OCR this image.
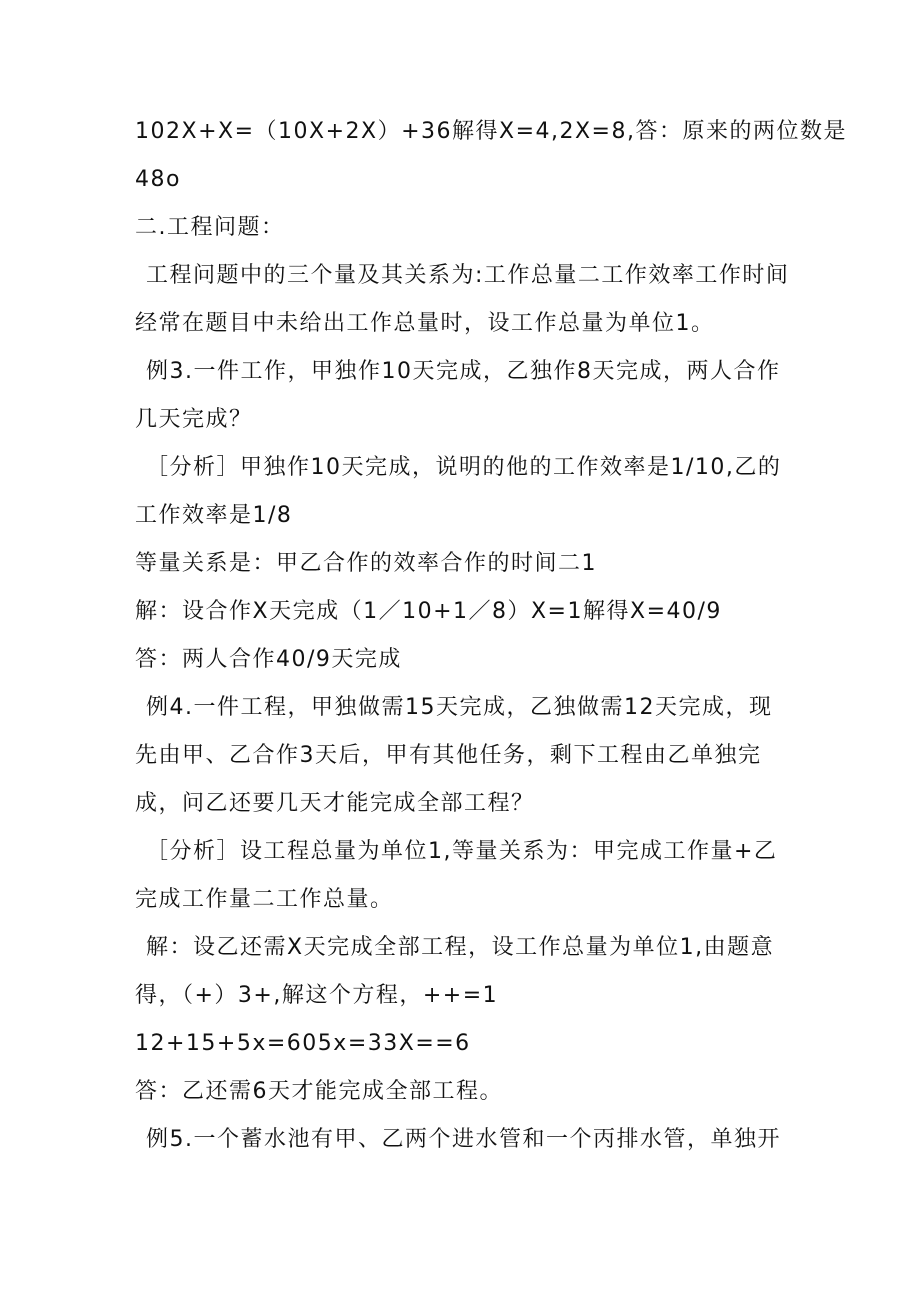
102X+X=（10X+2X）+36解得X=4,2X=8,答：原来的两位数是
48o
二.工程问题：
工程问题中的三个量及其关系为:工作总量二工作效率工作时间
经常在题目中未给出工作总量时，设工作总量为单位1。
例3.一件工作，甲独作10天完成，乙独作8天完成，两人合作
几天完成？
［分析］甲独作10天完成，说明的他的工作效率是1/10,乙的
工作效率是1/8
等量关系是：甲乙合作的效率合作的时间二1
解：设合作X天完成（1／10+1／8）X=1解得X=40/9
答：两人合作40/9天完成
例4.一件工程，甲独做需15天完成，乙独做需12天完成，现
先由甲、乙合作3天后，甲有其他任务，剩下工程由乙单独完
成，问乙还要几天才能完成全部工程？
［分析］设工程总量为单位1,等量关系为：甲完成工作量+乙
完成工作量二工作总量。
解：设乙还需X天完成全部工程，设工作总量为单位1,由题意
得，（+）3+,解这个方程，++=1
12+15+5x=605x=33X==6
答：乙还需6天才能完成全部工程。
例5.一个蓄水池有甲、乙两个进水管和一个丙排水管，单独开
